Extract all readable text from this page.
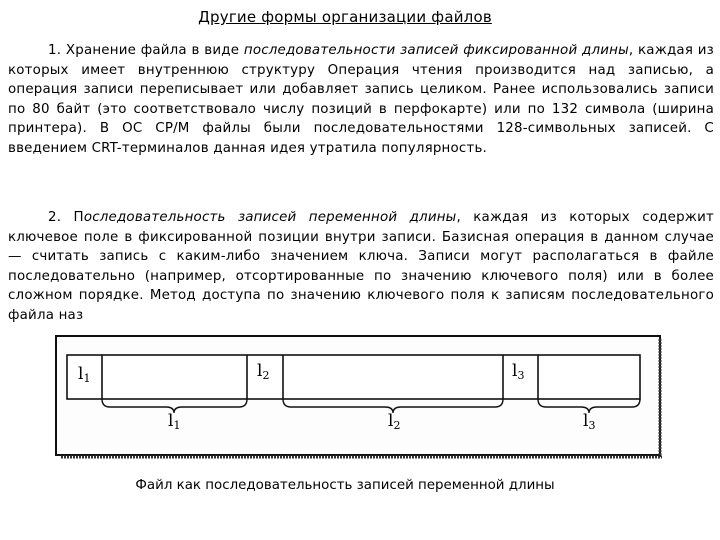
Другие формы организации файлов
1. Хранение файла в виде последовательности записей фиксированной длины, каждая из которых имеет внутреннюю структуру Операция чтения производится над записью, а операция записи переписывает или добавляет запись целиком. Ранее использовались записи по 80 байт (это соответствовало числу позиций в перфокарте) или по 132 символа (ширина принтера). В ОС CP/M файлы были последовательностями 128-символьных записей. С введением CRT-терминалов данная идея утратила популярность.
2. Последовательность записей переменной длины, каждая из которых содержит ключевое поле в фиксированной позиции внутри записи. Базисная операция в данном случае — считать запись с каким-либо значением ключа. Записи могут располагаться в файле последовательно (например, отсортированные по значению ключевого поля) или в более сложном порядке. Метод доступа по значению ключевого поля к записям последовательного файла наз
$l_1$	$l_2$	$l_3$
$l_1$	$l_2$	$l_3$
Файл как последовательность записей переменной длины
